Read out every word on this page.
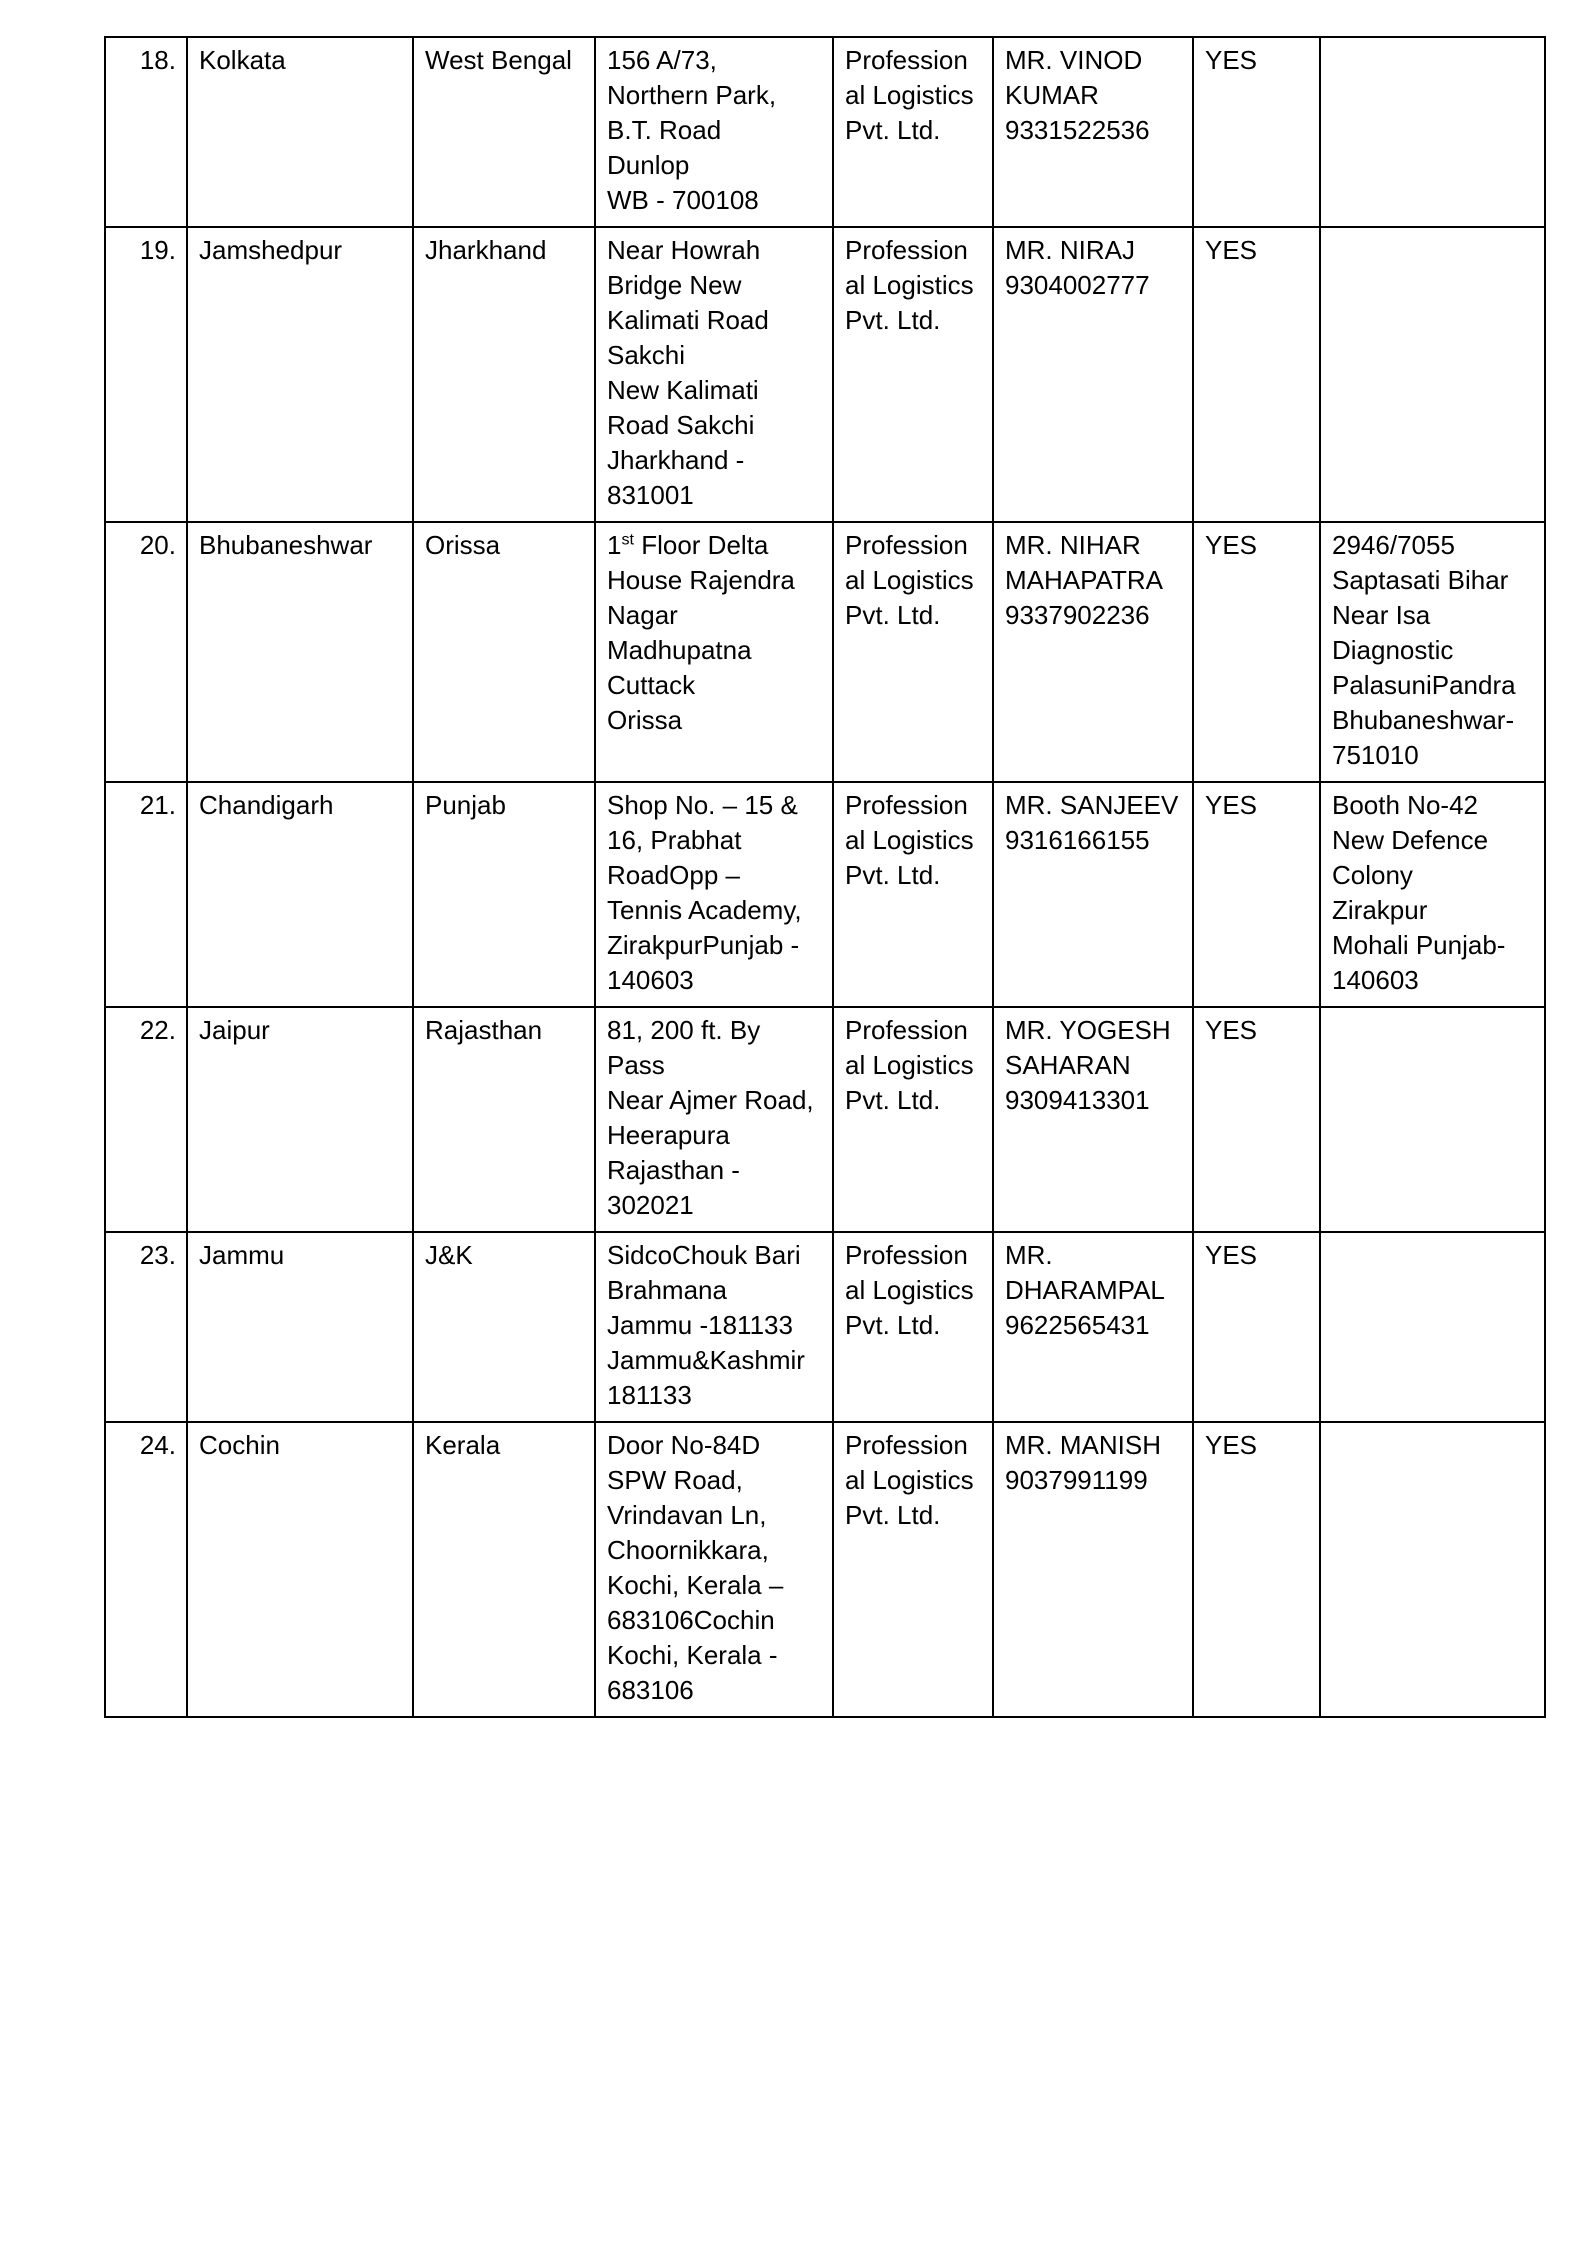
18.	Kolkata	West Bengal	156 A/73,
Northern Park,
B.T. Road
Dunlop
WB - 700108	Profession
al Logistics
Pvt. Ltd.	MR. VINOD
KUMAR
9331522536	YES	
19.	Jamshedpur	Jharkhand	Near Howrah
Bridge New
Kalimati Road
Sakchi
New Kalimati
Road Sakchi
Jharkhand -
831001	Profession
al Logistics
Pvt. Ltd.	MR. NIRAJ
9304002777	YES	
20.	Bhubaneshwar	Orissa	1st Floor Delta
House Rajendra
Nagar
Madhupatna
Cuttack
Orissa	Profession
al Logistics
Pvt. Ltd.	MR. NIHAR
MAHAPATRA
9337902236	YES	2946/7055
Saptasati Bihar
Near Isa
Diagnostic
PalasuniPandra
Bhubaneshwar-
751010
21.	Chandigarh	Punjab	Shop No. – 15 &
16, Prabhat
RoadOpp –
Tennis Academy,
ZirakpurPunjab -
140603	Profession
al Logistics
Pvt. Ltd.	MR. SANJEEV
9316166155	YES	Booth No-42
New Defence
Colony
Zirakpur
Mohali Punjab-
140603
22.	Jaipur	Rajasthan	81, 200 ft. By
Pass
Near Ajmer Road,
Heerapura
Rajasthan -
302021	Profession
al Logistics
Pvt. Ltd.	MR. YOGESH
SAHARAN
9309413301	YES	
23.	Jammu	J&K	SidcoChouk Bari
Brahmana
Jammu -181133
Jammu&Kashmir
181133	Profession
al Logistics
Pvt. Ltd.	MR.
DHARAMPAL
9622565431	YES	
24.	Cochin	Kerala	Door No-84D
SPW Road,
Vrindavan Ln,
Choornikkara,
Kochi, Kerala –
683106Cochin
Kochi, Kerala -
683106	Profession
al Logistics
Pvt. Ltd.	MR. MANISH
9037991199	YES	
